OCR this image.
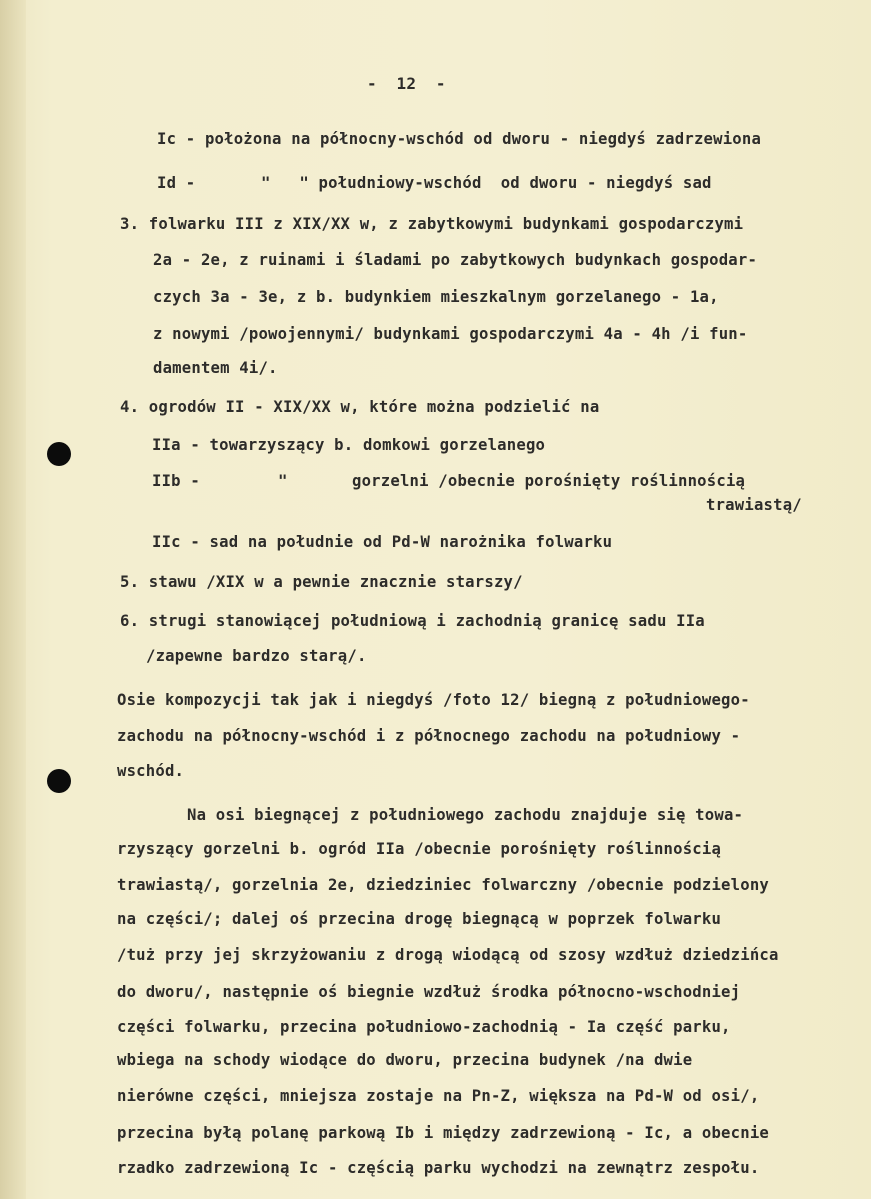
-  12  -
Ic - położona na północny-wschód od dworu - niegdyś zadrzewiona
Id -	"   " południowy-wschód  od dworu - niegdyś sad
3. folwarku III z XIX/XX w, z zabytkowymi budynkami gospodarczymi
2a - 2e, z ruinami i śladami po zabytkowych budynkach gospodar-
czych 3a - 3e, z b. budynkiem mieszkalnym gorzelanego - 1a,
z nowymi /powojennymi/ budynkami gospodarczymi 4a - 4h /i fun-
damentem 4i/.
4. ogrodów II - XIX/XX w, które można podzielić na
IIa - towarzyszący b. domkowi gorzelanego
IIb -	"	gorzelni /obecnie porośnięty roślinnością
trawiastą/
IIc - sad na południe od Pd-W narożnika folwarku
5. stawu /XIX w a pewnie znacznie starszy/
6. strugi stanowiącej południową i zachodnią granicę sadu IIa
/zapewne bardzo starą/.
Osie kompozycji tak jak i niegdyś /foto 12/ biegną z południowego-
zachodu na północny-wschód i z północnego zachodu na południowy -
wschód.
Na osi biegnącej z południowego zachodu znajduje się towa-
rzyszący gorzelni b. ogród IIa /obecnie porośnięty roślinnością
trawiastą/, gorzelnia 2e, dziedziniec folwarczny /obecnie podzielony
na części/; dalej oś przecina drogę biegnącą w poprzek folwarku
/tuż przy jej skrzyżowaniu z drogą wiodącą od szosy wzdłuż dziedzińca
do dworu/, następnie oś biegnie wzdłuż środka północno-wschodniej
części folwarku, przecina południowo-zachodnią - Ia część parku,
wbiega na schody wiodące do dworu, przecina budynek /na dwie
nierówne części, mniejsza zostaje na Pn-Z, większa na Pd-W od osi/,
przecina byłą polanę parkową Ib i między zadrzewioną - Ic, a obecnie
rzadko zadrzewioną Ic - częścią parku wychodzi na zewnątrz zespołu.
